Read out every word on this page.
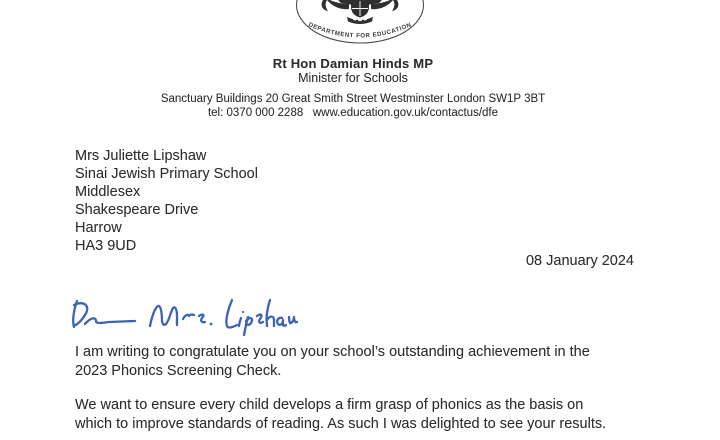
DEPARTMENT FOR EDUCATION
Rt Hon Damian Hinds MP
Minister for Schools
Sanctuary Buildings 20 Great Smith Street Westminster London SW1P 3BT
tel: 0370 000 2288   www.education.gov.uk/contactus/dfe
Mrs Juliette Lipshaw
Sinai Jewish Primary School
Middlesex
Shakespeare Drive
Harrow
HA3 9UD
08 January 2024
I am writing to congratulate you on your school’s outstanding achievement in the
2023 Phonics Screening Check.
We want to ensure every child develops a firm grasp of phonics as the basis on
which to improve standards of reading. As such I was delighted to see your results.
